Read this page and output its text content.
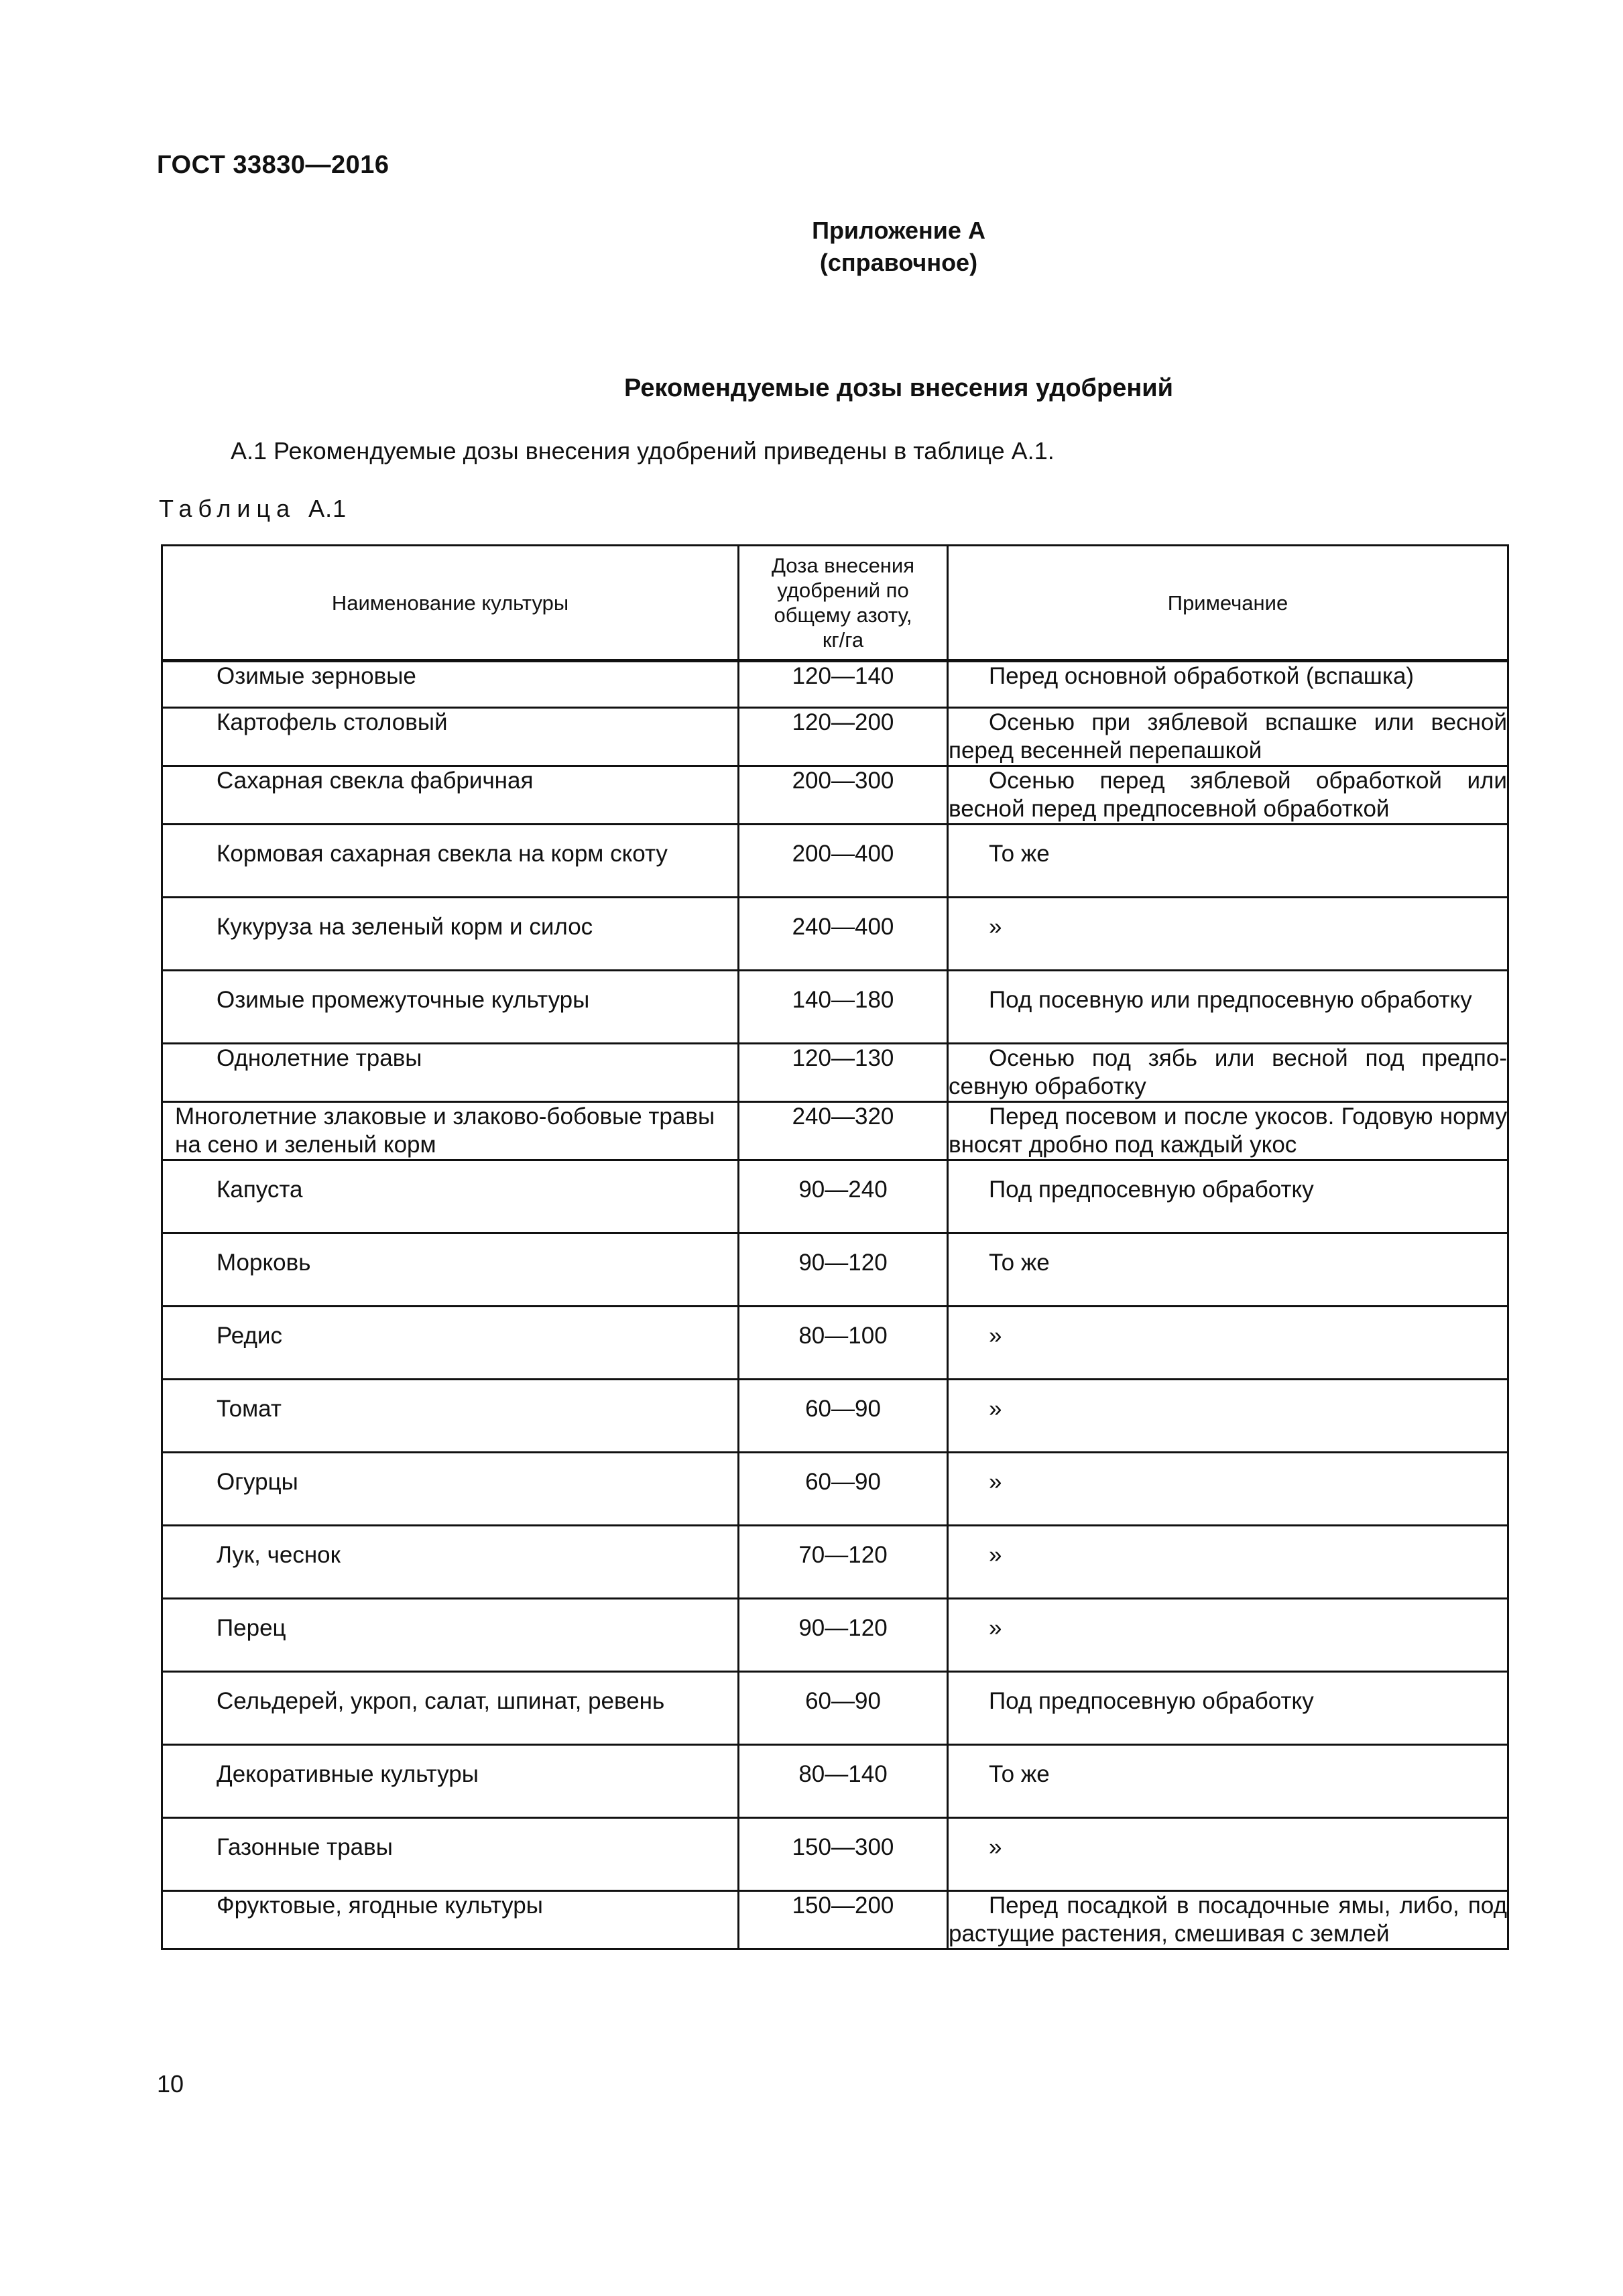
ГОСТ 33830—2016
Приложение А
(справочное)
Рекомендуемые дозы внесения удобрений
А.1 Рекомендуемые дозы внесения удобрений приведены в таблице А.1.
Таблица А.1
Наименование культуры	Доза внесения удобрений по общему азоту, кг/га	Примечание
Озимые зерновые	120—140	Перед основной обработкой (вспашка)
Картофель столовый	120—200	Осенью при зяблевой вспашке или весной перед весенней перепашкой
Сахарная свекла фабричная	200—300	Осенью перед зяблевой обработкой или весной перед предпосевной обработкой
Кормовая сахарная свекла на корм скоту	200—400	То же
Кукуруза на зеленый корм и силос	240—400	»
Озимые промежуточные культуры	140—180	Под посевную или предпосевную обработку
Однолетние травы	120—130	Осенью под зябь или весной под предпо-севную обработку
Многолетние злаковые и злаково-бобовые травы на сено и зеленый корм	240—320	Перед посевом и после укосов. Годовую норму вносят дробно под каждый укос
Капуста	90—240	Под предпосевную обработку
Морковь	90—120	То же
Редис	80—100	»
Томат	60—90	»
Огурцы	60—90	»
Лук, чеснок	70—120	»
Перец	90—120	»
Сельдерей, укроп, салат, шпинат, ревень	60—90	Под предпосевную обработку
Декоративные культуры	80—140	То же
Газонные травы	150—300	»
Фруктовые, ягодные культуры	150—200	Перед посадкой в посадочные ямы, либо, под растущие растения, смешивая с землей
10
